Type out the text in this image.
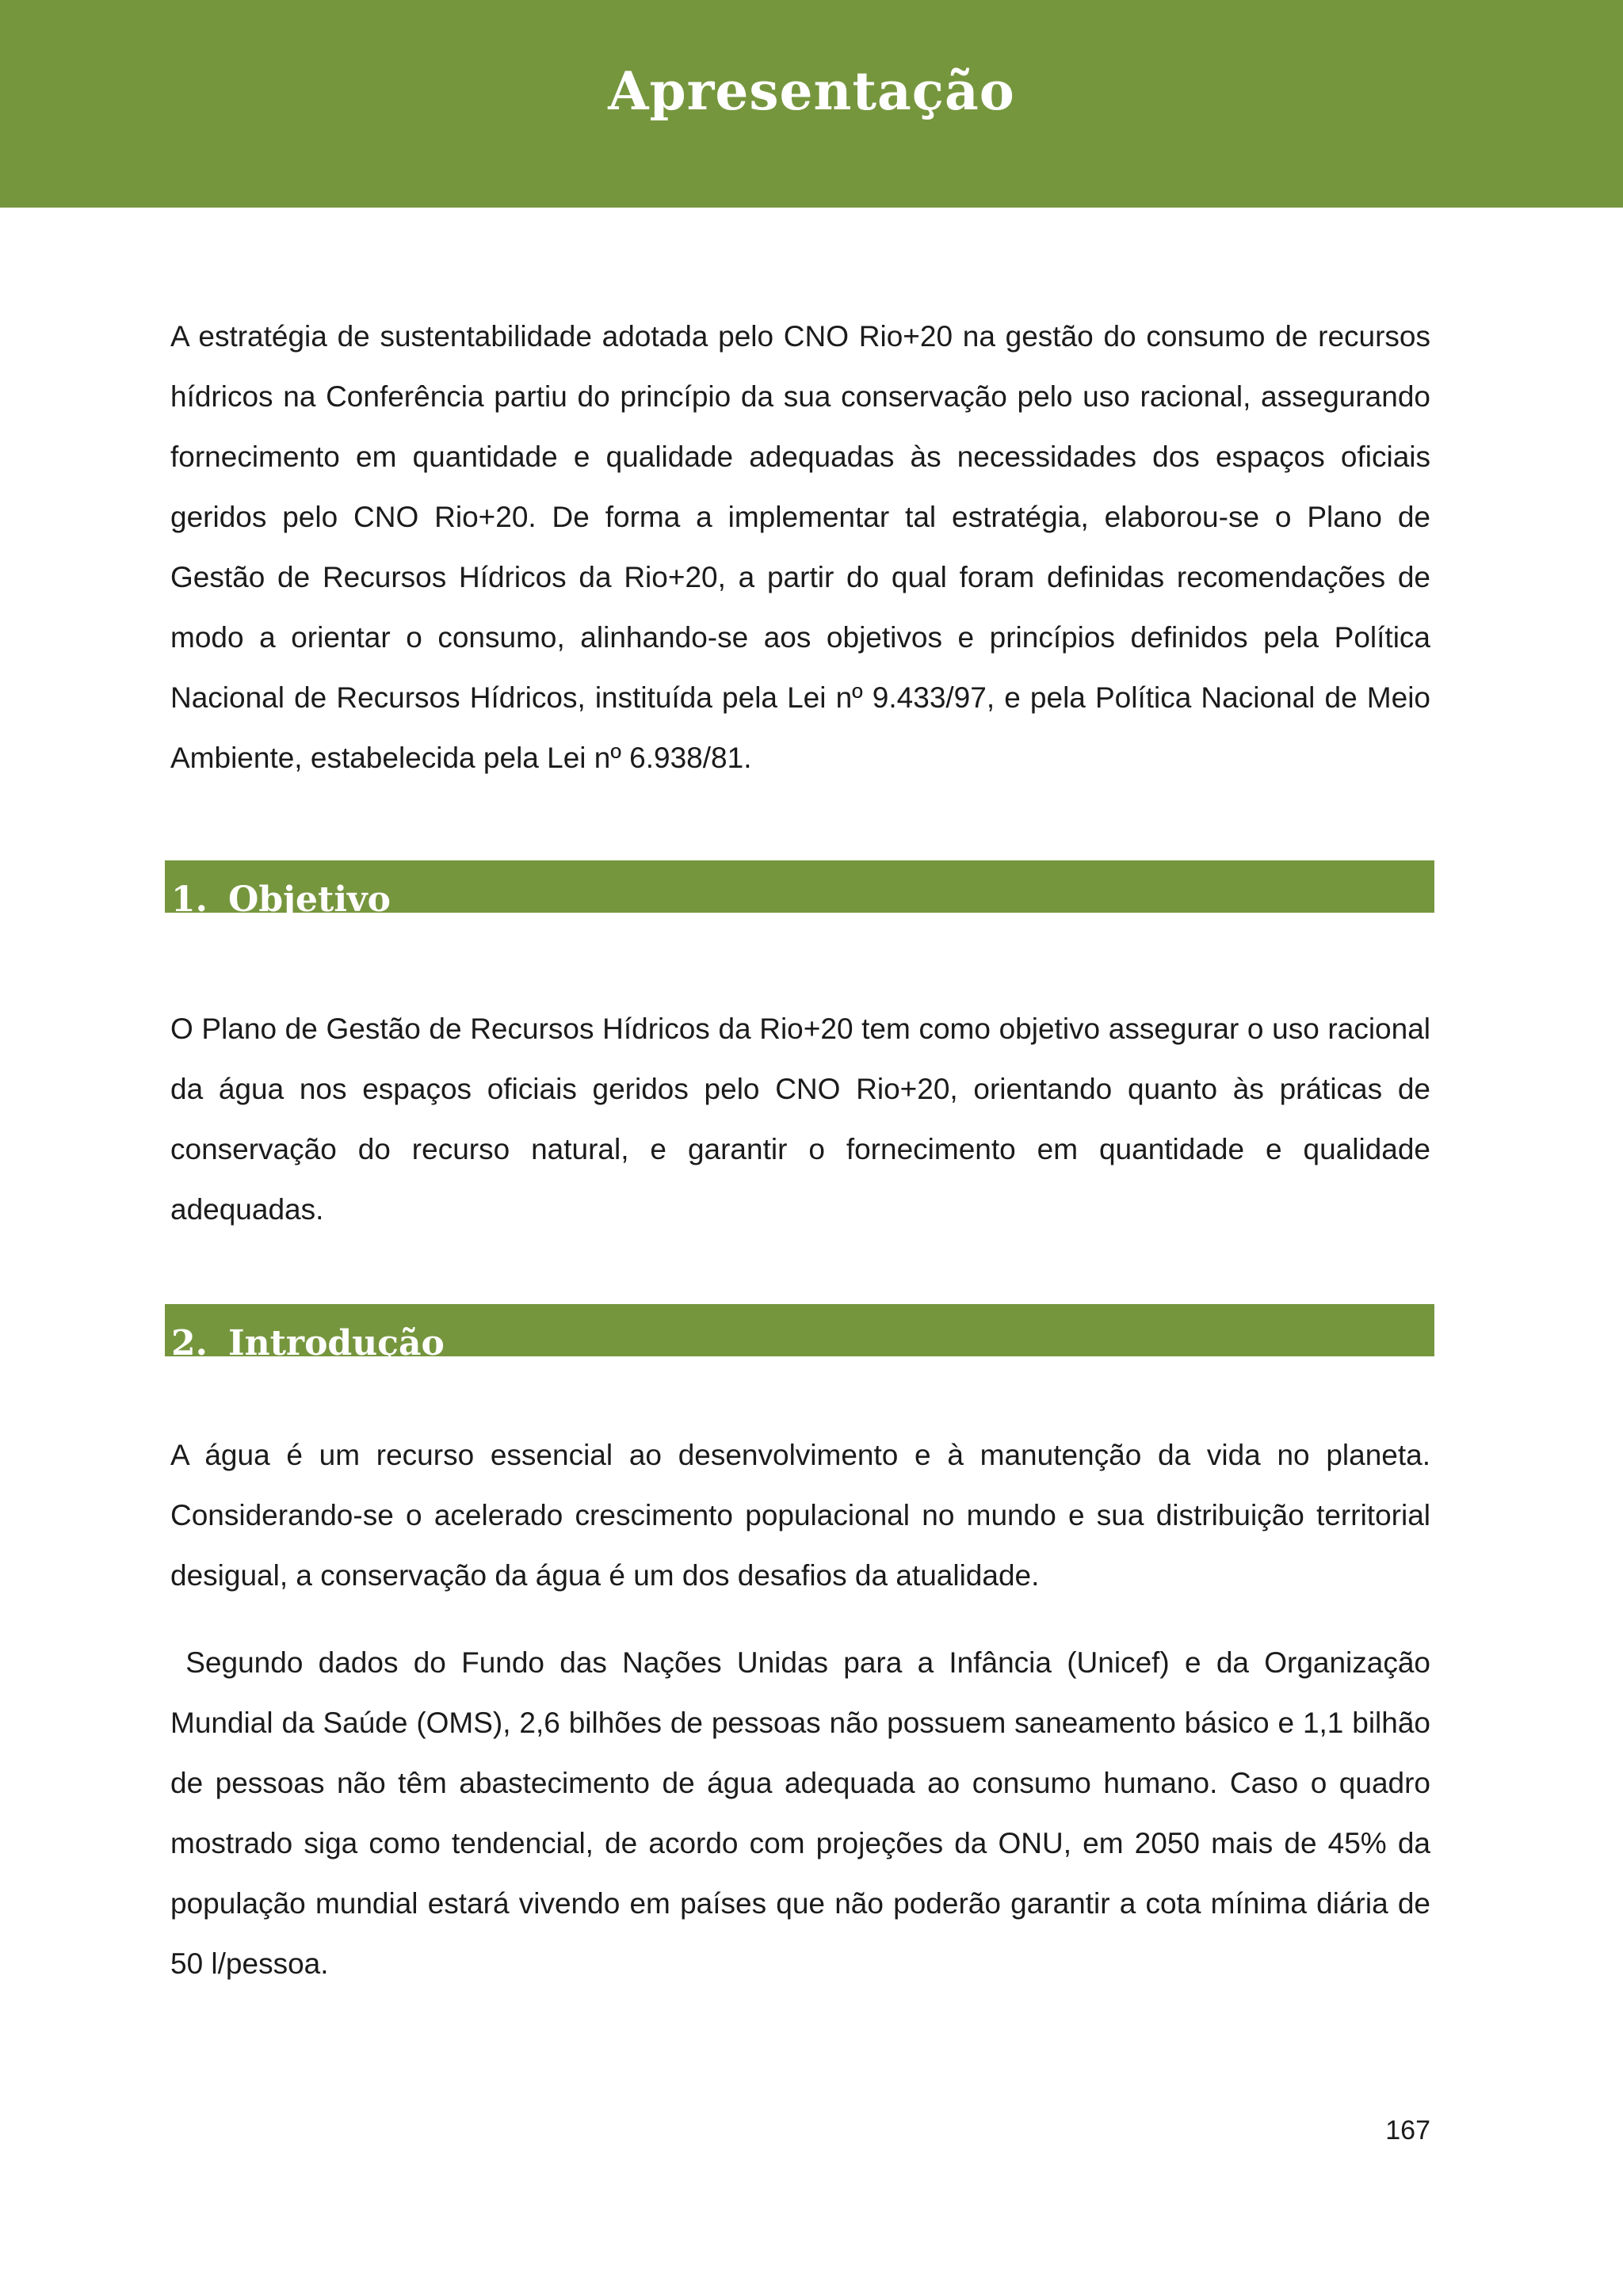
Apresentação

A estratégia de sustentabilidade adotada pelo CNO Rio+20 na gestão do consumo de recursos hídricos na Conferência partiu do princípio da sua conservação pelo uso racional, assegurando fornecimento em quantidade e qualidade adequadas às necessidades dos espaços oficiais geridos pelo CNO Rio+20. De forma a implementar tal estratégia, elaborou-se o Plano de Gestão de Recursos Hídricos da Rio+20, a partir do qual foram definidas recomendações de modo a orientar o consumo, alinhando-se aos objetivos e princípios definidos pela Política Nacional de Recursos Hídricos, instituída pela Lei nº 9.433/97, e pela Política Nacional de Meio Ambiente, estabelecida pela Lei nº 6.938/81.

1. Objetivo

O Plano de Gestão de Recursos Hídricos da Rio+20 tem como objetivo assegurar o uso racional da água nos espaços oficiais geridos pelo CNO Rio+20, orientando quanto às práticas de conservação do recurso natural, e garantir o fornecimento em quantidade e qualidade adequadas.

2. Introdução

A água é um recurso essencial ao desenvolvimento e à manutenção da vida no planeta. Considerando-se o acelerado crescimento populacional no mundo e sua distribuição territorial desigual, a conservação da água é um dos desafios da atualidade.

Segundo dados do Fundo das Nações Unidas para a Infância (Unicef) e da Organização Mundial da Saúde (OMS), 2,6 bilhões de pessoas não possuem saneamento básico e 1,1 bilhão de pessoas não têm abastecimento de água adequada ao consumo humano. Caso o quadro mostrado siga como tendencial, de acordo com projeções da ONU, em 2050 mais de 45% da população mundial estará vivendo em países que não poderão garantir a cota mínima diária de 50 l/pessoa.

167
